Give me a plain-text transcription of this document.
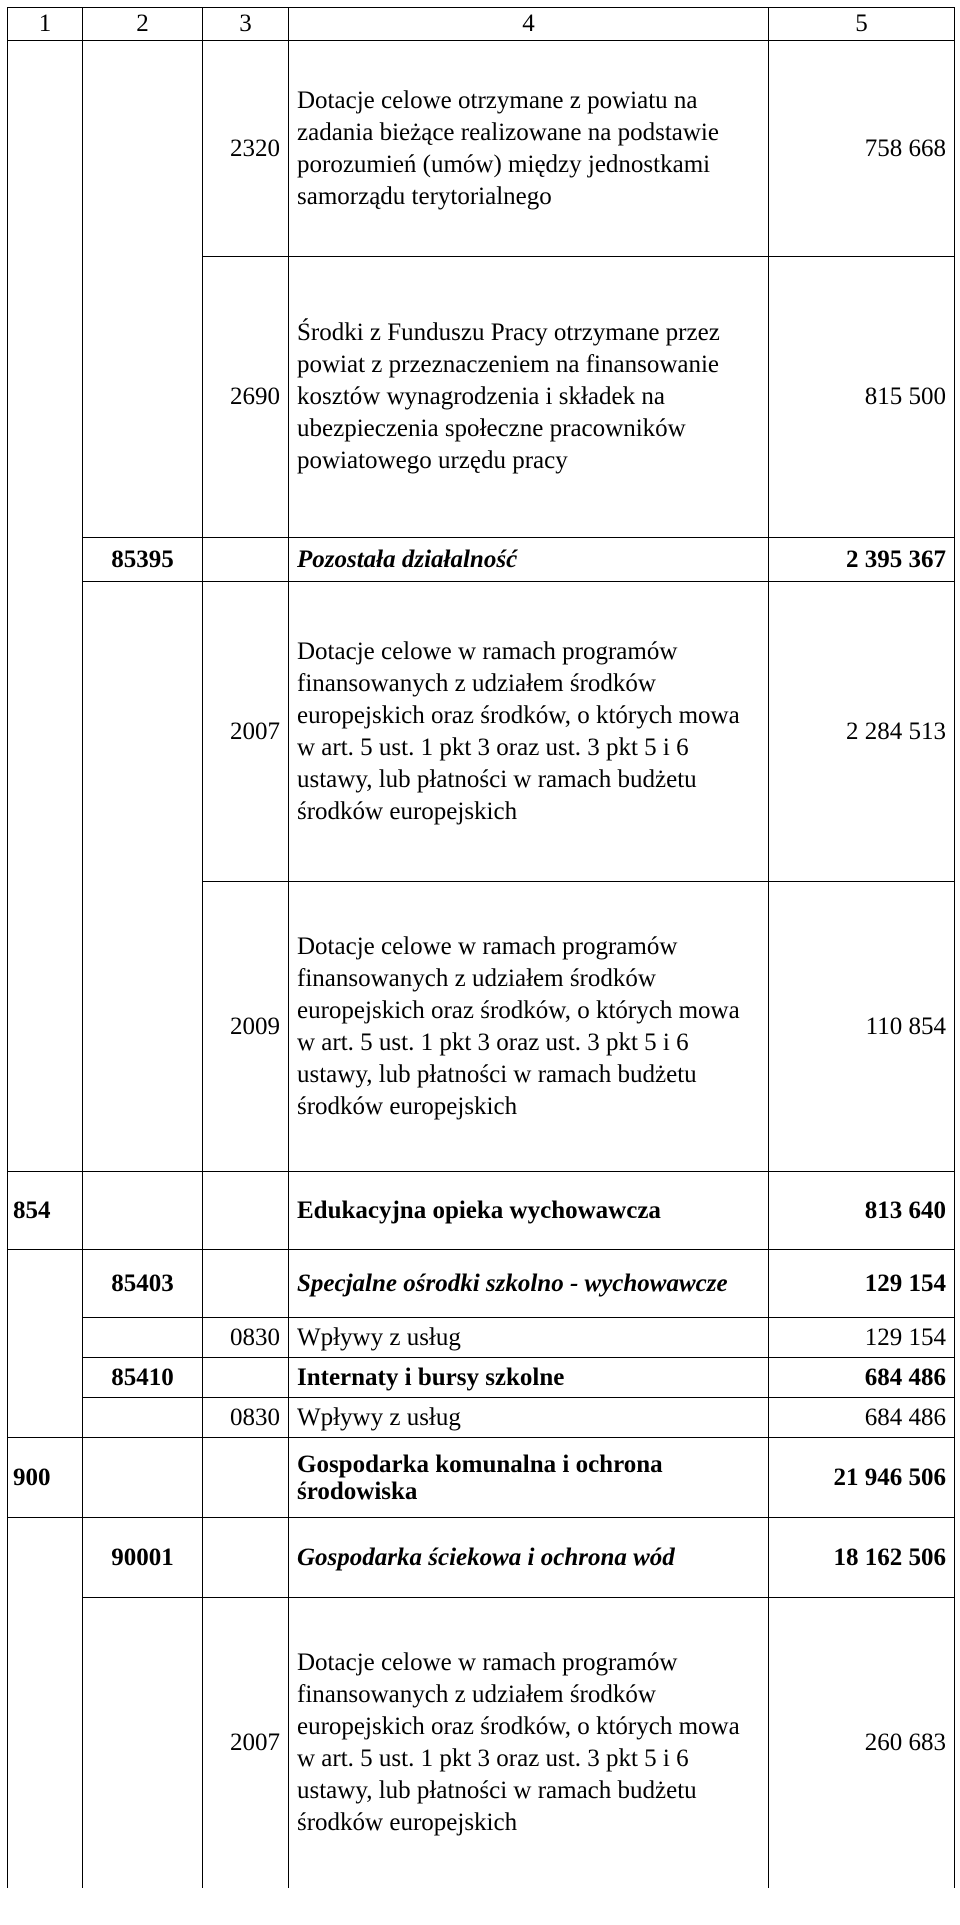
1	2	3	4	5
		2320	Dotacje celowe otrzymane z powiatu na zadania bieżące realizowane na podstawie porozumień (umów) między jednostkami samorządu terytorialnego	758 668
		2690	Środki z Funduszu Pracy otrzymane przez powiat z przeznaczeniem na finansowanie kosztów wynagrodzenia i składek na ubezpieczenia społeczne pracowników powiatowego urzędu pracy	815 500
	85395		Pozostała działalność	2 395 367
		2007	Dotacje celowe w ramach programów finansowanych z udziałem środków europejskich oraz środków, o których mowa w art. 5 ust. 1 pkt 3 oraz ust. 3 pkt 5 i 6 ustawy, lub płatności w ramach budżetu środków europejskich	2 284 513
		2009	Dotacje celowe w ramach programów finansowanych z udziałem środków europejskich oraz środków, o których mowa w art. 5 ust. 1 pkt 3 oraz ust. 3 pkt 5 i 6 ustawy, lub płatności w ramach budżetu środków europejskich	110 854
854			Edukacyjna opieka wychowawcza	813 640
	85403		Specjalne ośrodki szkolno - wychowawcze	129 154
		0830	Wpływy z usług	129 154
	85410		Internaty i bursy szkolne	684 486
		0830	Wpływy z usług	684 486
900			Gospodarka komunalna i ochrona środowiska	21 946 506
	90001		Gospodarka ściekowa i ochrona wód	18 162 506
		2007	Dotacje celowe w ramach programów finansowanych z udziałem środków europejskich oraz środków, o których mowa w art. 5 ust. 1 pkt 3 oraz ust. 3 pkt 5 i 6 ustawy, lub płatności w ramach budżetu środków europejskich	260 683
